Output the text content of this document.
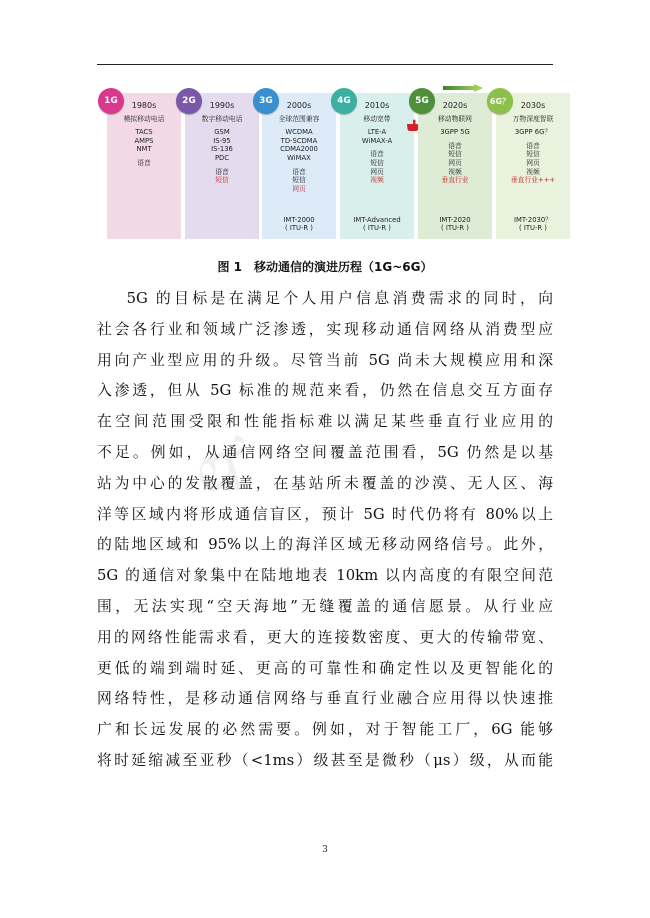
1980s
模拟移动电话
TACS
AMPS
NMT
语音
1G	1990s
数字移动电话
GSM
IS-95
IS-136
PDC
语音
短信
2G	2000s
全球范围兼容
WCDMA
TD-SCDMA
CDMA2000
WiMAX
语音
短信
网页
IMT-2000
( ITU-R )
3G	2010s
移动宽带
LTE-A
WiMAX-A
语音
短信
网页
视频
IMT-Advanced
( ITU-R )
4G	2020s
移动物联网
3GPP 5G
语音
短信
网页
视频
垂直行业
IMT-2020
( ITU-R )
5G	2030s
万物深度智联
3GPP 6G？
语音
短信
网页
视频
垂直行业+++
IMT-2030？
( ITU-R )
6G？
图 1　移动通信的演进历程（1G~6G）
🙰

5G 的目标是在满足个人用户信息消费需求的同时，向
社会各行业和领域广泛渗透，实现移动通信网络从消费型应
用向产业型应用的升级。尽管当前 5G 尚未大规模应用和深
入渗透，但从 5G 标准的规范来看，仍然在信息交互方面存
在空间范围受限和性能指标难以满足某些垂直行业应用的
不足。例如，从通信网络空间覆盖范围看，5G 仍然是以基
站为中心的发散覆盖，在基站所未覆盖的沙漠、无人区、海
洋等区域内将形成通信盲区，预计 5G 时代仍将有 80%以上
的陆地区域和 95%以上的海洋区域无移动网络信号。此外，
5G 的通信对象集中在陆地地表 10km 以内高度的有限空间范
围，无法实现“空天海地”无缝覆盖的通信愿景。从行业应
用的网络性能需求看，更大的连接数密度、更大的传输带宽、
更低的端到端时延、更高的可靠性和确定性以及更智能化的
网络特性，是移动通信网络与垂直行业融合应用得以快速推
广和长远发展的必然需要。例如，对于智能工厂，6G 能够
将时延缩减至亚秒（<1ms）级甚至是微秒（μs）级，从而能

3
